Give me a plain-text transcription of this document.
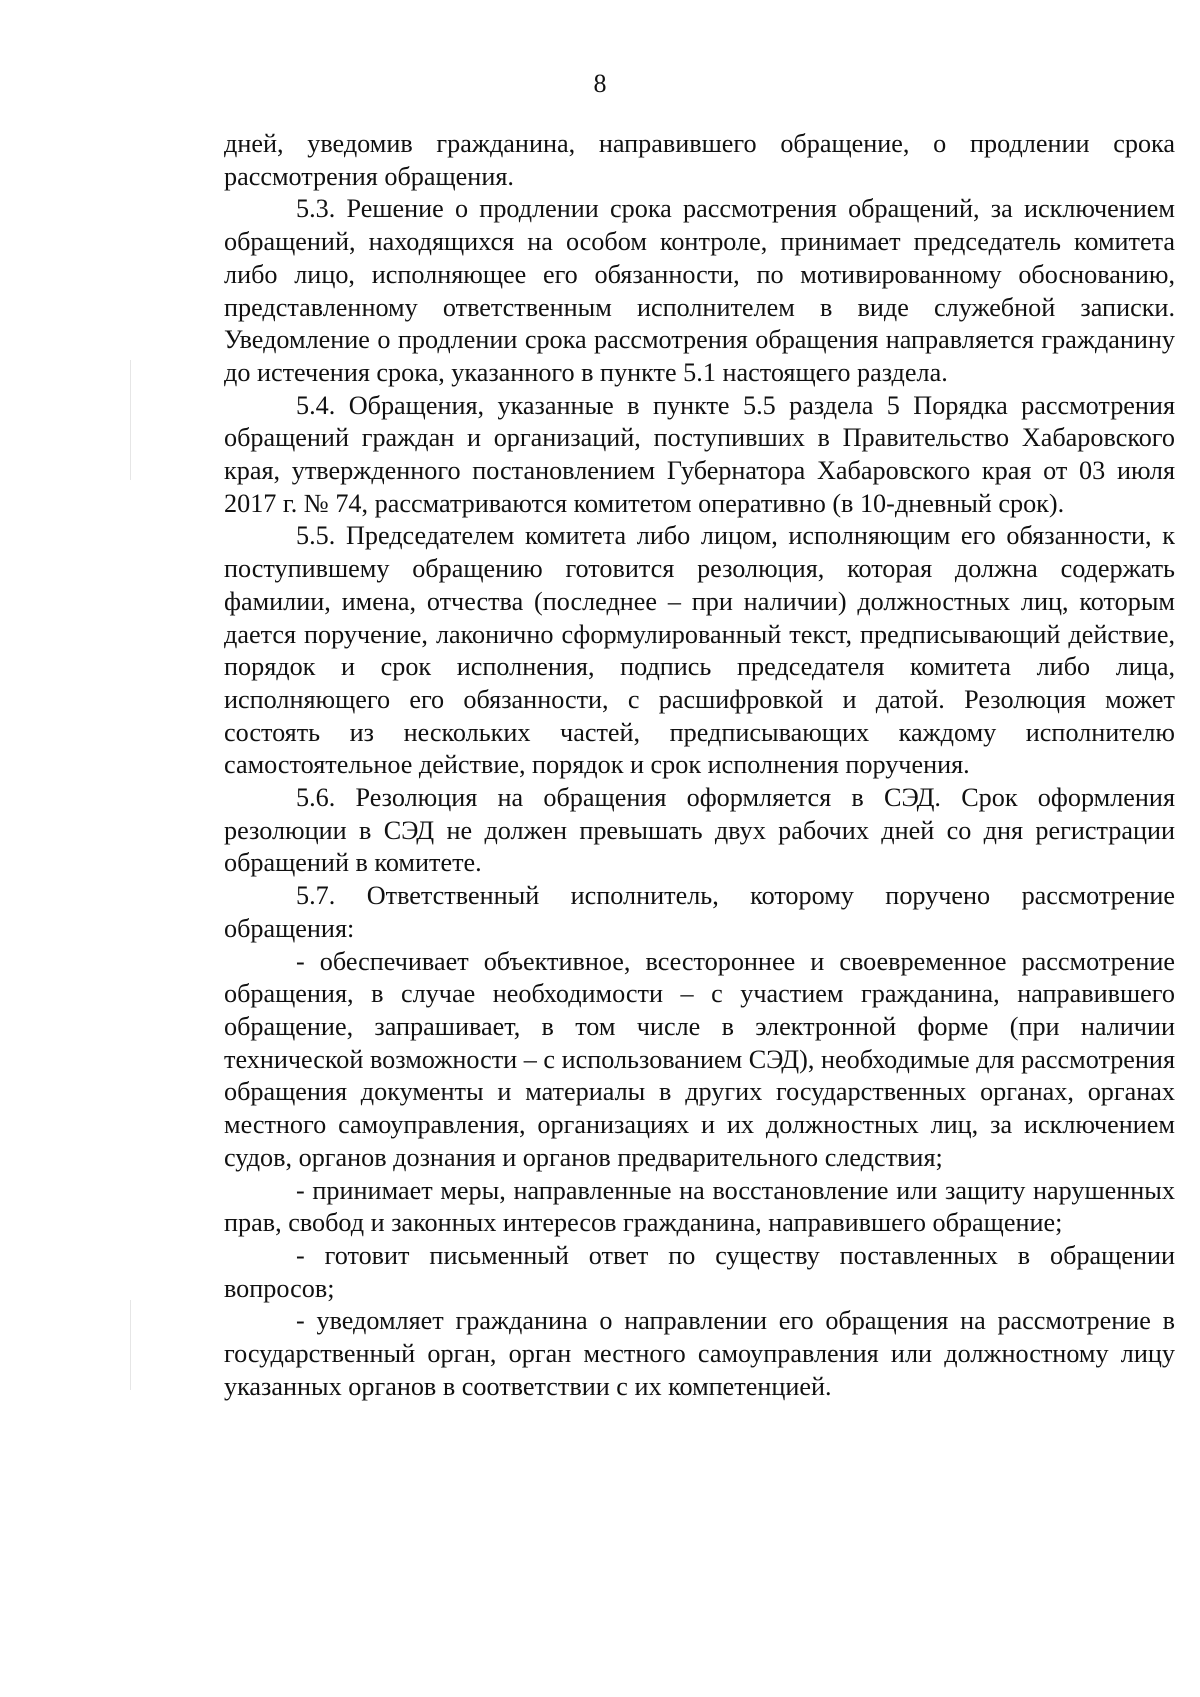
8

дней, уведомив гражданина, направившего обращение, о продлении срока рассмотрения обращения.

5.3. Решение о продлении срока рассмотрения обращений, за исключением обращений, находящихся на особом контроле, принимает председатель комитета либо лицо, исполняющее его обязанности, по мотивированному обоснованию, представленному ответственным исполнителем в виде служебной записки. Уведомление о продлении срока рассмотрения обращения направляется гражданину до истечения срока, указанного в пункте 5.1 настоящего раздела.

5.4. Обращения, указанные в пункте 5.5 раздела 5 Порядка рассмотрения обращений граждан и организаций, поступивших в Правительство Хабаровского края, утвержденного постановлением Губернатора Хабаровского края от 03 июля 2017 г. № 74, рассматриваются комитетом оперативно (в 10-дневный срок).

5.5. Председателем комитета либо лицом, исполняющим его обязанности, к поступившему обращению готовится резолюция, которая должна содержать фамилии, имена, отчества (последнее – при наличии) должностных лиц, которым дается поручение, лаконично сформулированный текст, предписывающий действие, порядок и срок исполнения, подпись председателя комитета либо лица, исполняющего его обязанности, с расшифровкой и датой. Резолюция может состоять из нескольких частей, предписывающих каждому исполнителю самостоятельное действие, порядок и срок исполнения поручения.

5.6. Резолюция на обращения оформляется в СЭД. Срок оформления резолюции в СЭД не должен превышать двух рабочих дней со дня регистрации обращений в комитете.

5.7. Ответственный исполнитель, которому поручено рассмотрение обращения:

- обеспечивает объективное, всестороннее и своевременное рассмотрение обращения, в случае необходимости – с участием гражданина, направившего обращение, запрашивает, в том числе в электронной форме (при наличии технической возможности – с использованием СЭД), необходимые для рассмотрения обращения документы и материалы в других государственных органах, органах местного самоуправления, организациях и их должностных лиц, за исключением судов, органов дознания и органов предварительного следствия;

- принимает меры, направленные на восстановление или защиту нарушенных прав, свобод и законных интересов гражданина, направившего обращение;

- готовит письменный ответ по существу поставленных в обращении вопросов;

- уведомляет гражданина о направлении его обращения на рассмотрение в государственный орган, орган местного самоуправления или должностному лицу указанных органов в соответствии с их компетенцией.
